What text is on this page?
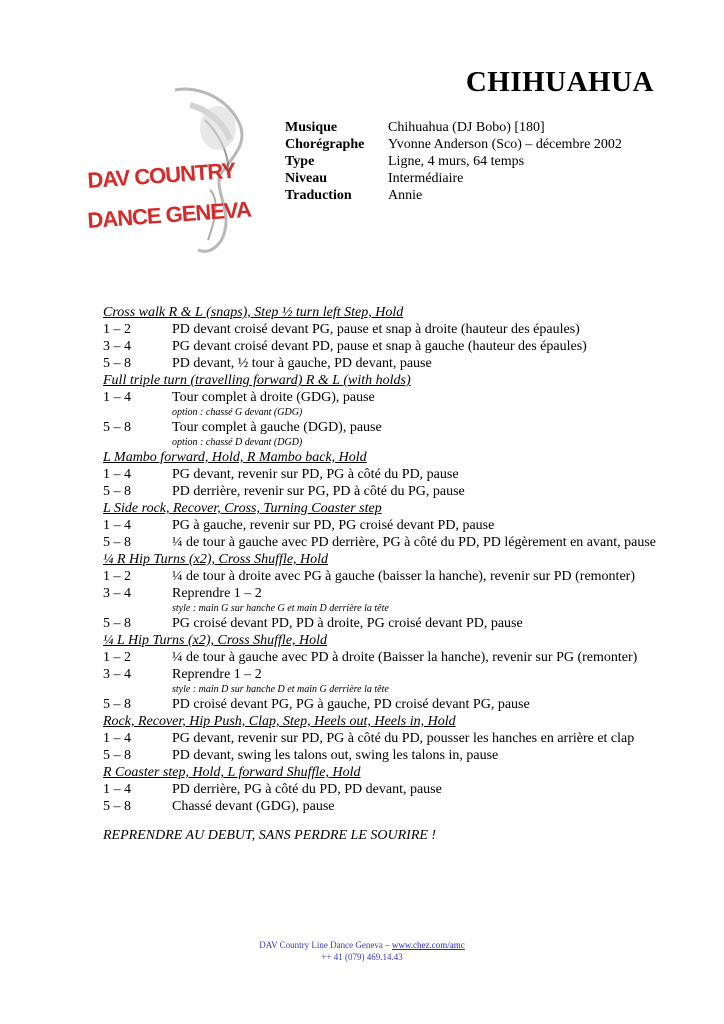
DAV COUNTRY
DANCE GENEVA
CHIHUAHUA
Musique	Chihuahua (DJ Bobo) [180]
Chorégraphe	Yvonne Anderson (Sco) – décembre 2002
Type	Ligne, 4 murs, 64 temps
Niveau	Intermédiaire
Traduction	Annie
Cross walk R & L (snaps), Step ½ turn left Step, Hold
1 – 2	PD devant croisé devant PG, pause et snap à droite (hauteur des épaules)
3 – 4	PG devant croisé devant PD, pause et snap à gauche (hauteur des épaules)
5 – 8	PD devant, ½ tour à gauche, PD devant, pause
Full triple turn (travelling forward) R & L (with holds)
1 – 4	Tour complet à droite (GDG), pause
option : chassé G devant (GDG)
5 – 8	Tour complet à gauche (DGD), pause
option : chassé D devant (DGD)
L Mambo forward, Hold, R Mambo back, Hold
1 – 4	PG devant, revenir sur PD, PG à côté du PD, pause
5 – 8	PD derrière, revenir sur PG, PD à côté du PG, pause
L Side rock, Recover, Cross, Turning Coaster step
1 – 4	PG à gauche, revenir sur PD, PG croisé devant PD, pause
5 – 8	¼ de tour à gauche avec PD derrière, PG à côté du PD, PD légèrement en avant, pause
¼ R Hip Turns (x2), Cross Shuffle, Hold
1 – 2	¼ de tour à droite avec PG à gauche (baisser la hanche), revenir sur PD (remonter)
3 – 4	Reprendre 1 – 2
style : main G sur hanche G et main D derrière la tête
5 – 8	PG croisé devant PD, PD à droite, PG croisé devant PD, pause
¼ L Hip Turns (x2), Cross Shuffle, Hold
1 – 2	¼ de tour à gauche avec PD à droite (Baisser la hanche), revenir sur PG (remonter)
3 – 4	Reprendre 1 – 2
style : main D sur hanche D et main G derrière la tête
5 – 8	PD croisé devant PG, PG à gauche, PD croisé devant PG, pause
Rock, Recover, Hip Push, Clap, Step, Heels out, Heels in, Hold
1 – 4	PG devant, revenir sur PD, PG à côté du PD, pousser les hanches en arrière et clap
5 – 8	PD devant, swing les talons out, swing les talons in, pause
R Coaster step, Hold, L forward Shuffle, Hold
1 – 4	PD derrière, PG à côté du PD, PD devant, pause
5 – 8	Chassé devant (GDG), pause
REPRENDRE AU DEBUT, SANS PERDRE LE SOURIRE !
DAV Country Line Dance Geneva – www.chez.com/amc
++ 41 (079) 469.14.43
